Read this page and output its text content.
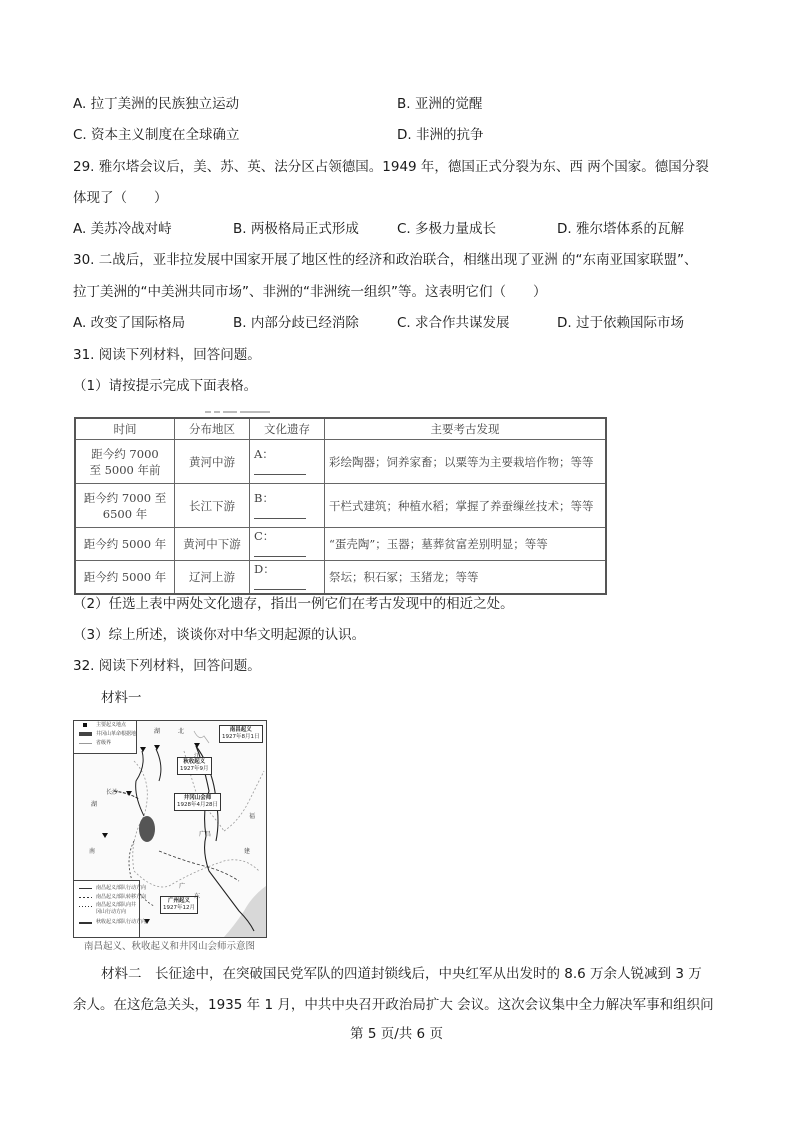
A. 拉丁美洲的民族独立运动	B. 亚洲的觉醒
C. 资本主义制度在全球确立	D. 非洲的抗争
29. 雅尔塔会议后，美、苏、英、法分区占领德国。1949 年，德国正式分裂为东、西 两个国家。德国分裂
体现了（　　）
A. 美苏冷战对峙	B. 两极格局正式形成	C. 多极力量成长	D. 雅尔塔体系的瓦解
30. 二战后，亚非拉发展中国家开展了地区性的经济和政治联合，相继出现了亚洲 的“东南亚国家联盟”、
拉丁美洲的“中美洲共同市场”、非洲的“非洲统一组织”等。这表明它们（　　）
A. 改变了国际格局	B. 内部分歧已经消除	C. 求合作共谋发展	D. 过于依赖国际市场
31. 阅读下列材料，回答问题。
（1）请按提示完成下面表格。
时间	分布地区	文化遗存	主要考古发现

距今约 7000
至 5000 年前	黄河中游	A：	彩绘陶器；饲养家畜；以粟等为主要栽培作物；等等

距今约 7000 至
6500 年	长江下游	B：	干栏式建筑；种植水稻；掌握了养蚕缫丝技术；等等
距今约 5000 年	黄河中下游	C：	“蛋壳陶”；玉器；墓葬贫富差别明显；等等
距今约 5000 年	辽河上游	D：	祭坛；积石冢；玉猪龙；等等
（2）任选上表中两处文化遗存，指出一例它们在考古发现中的相近之处。
（3）综上所述，谈谈你对中华文明起源的认识。
32. 阅读下列材料，回答问题。
材料一
主要起义地点
井冈山革命根据地
省级界
南昌起义部队行动方向
南昌起义部队转移方向
南昌起义部队向井冈山行动方向
秋收起义部队行动方向
南昌起义
1927年8月1日
秋收起义
1927年9月
井冈山会师
1928年4月28日
广州起义
1927年12月
湖	北
江
长沙
湖
广昌
福
南	建
广
东
南昌起义、秋收起义和井冈山会师示意图
材料二　长征途中，在突破国民党军队的四道封锁线后，中央红军从出发时的 8.6 万余人锐减到 3 万
余人。在这危急关头，1935 年 1 月，中共中央召开政治局扩大 会议。这次会议集中全力解决军事和组织问
第 5 页/共 6 页
